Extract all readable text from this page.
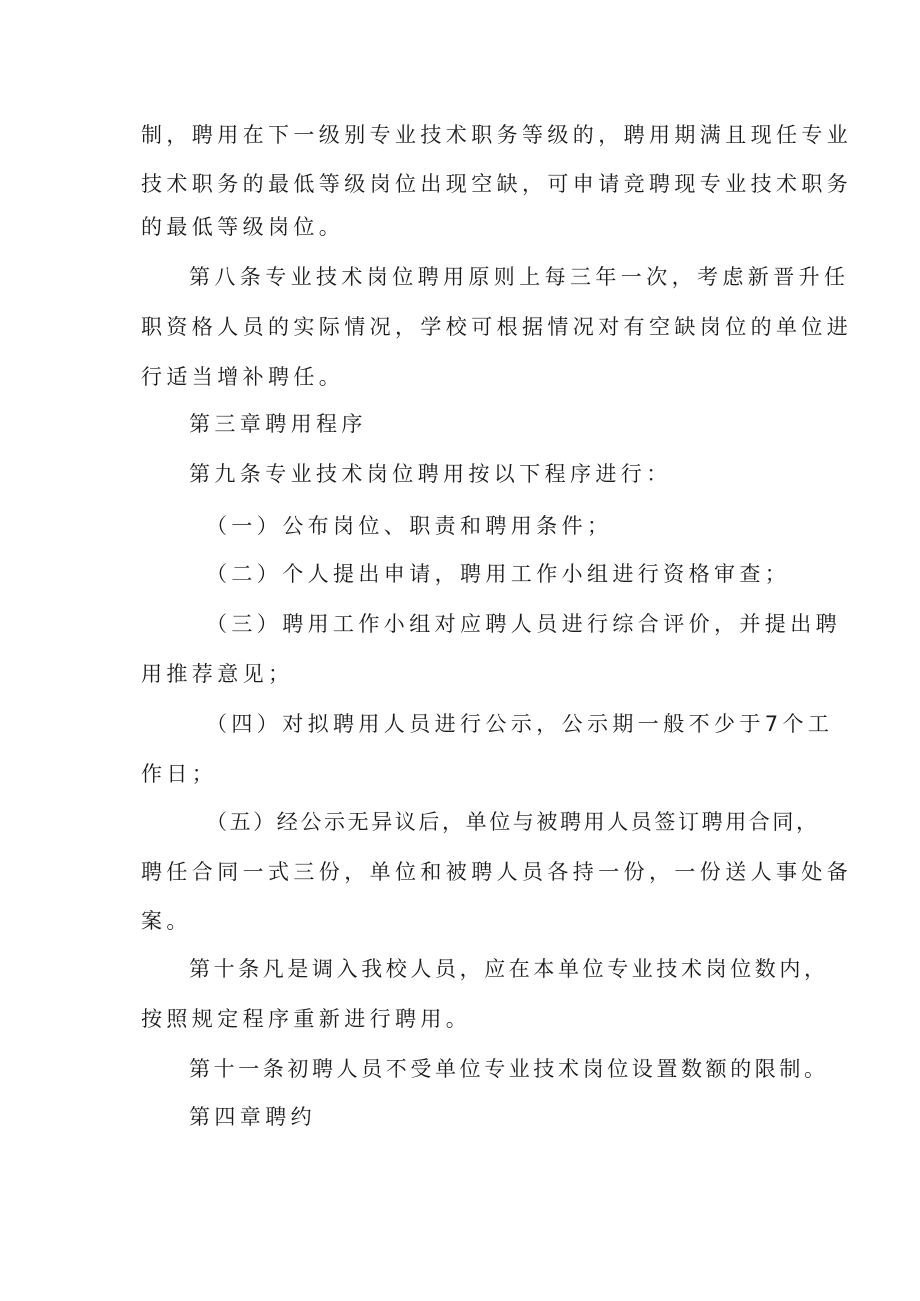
制，聘用在下一级别专业技术职务等级的，聘用期满且现任专业
技术职务的最低等级岗位出现空缺，可申请竞聘现专业技术职务
的最低等级岗位。
第八条专业技术岗位聘用原则上每三年一次，考虑新晋升任
职资格人员的实际情况，学校可根据情况对有空缺岗位的单位进
行适当增补聘任。
第三章聘用程序
第九条专业技术岗位聘用按以下程序进行：
（一）公布岗位、职责和聘用条件；
（二）个人提出申请，聘用工作小组进行资格审查；
（三）聘用工作小组对应聘人员进行综合评价，并提出聘
用推荐意见；
（四）对拟聘用人员进行公示，公示期一般不少于7个工
作日；
（五）经公示无异议后，单位与被聘用人员签订聘用合同，
聘任合同一式三份，单位和被聘人员各持一份，一份送人事处备
案。
第十条凡是调入我校人员，应在本单位专业技术岗位数内，
按照规定程序重新进行聘用。
第十一条初聘人员不受单位专业技术岗位设置数额的限制。
第四章聘约
